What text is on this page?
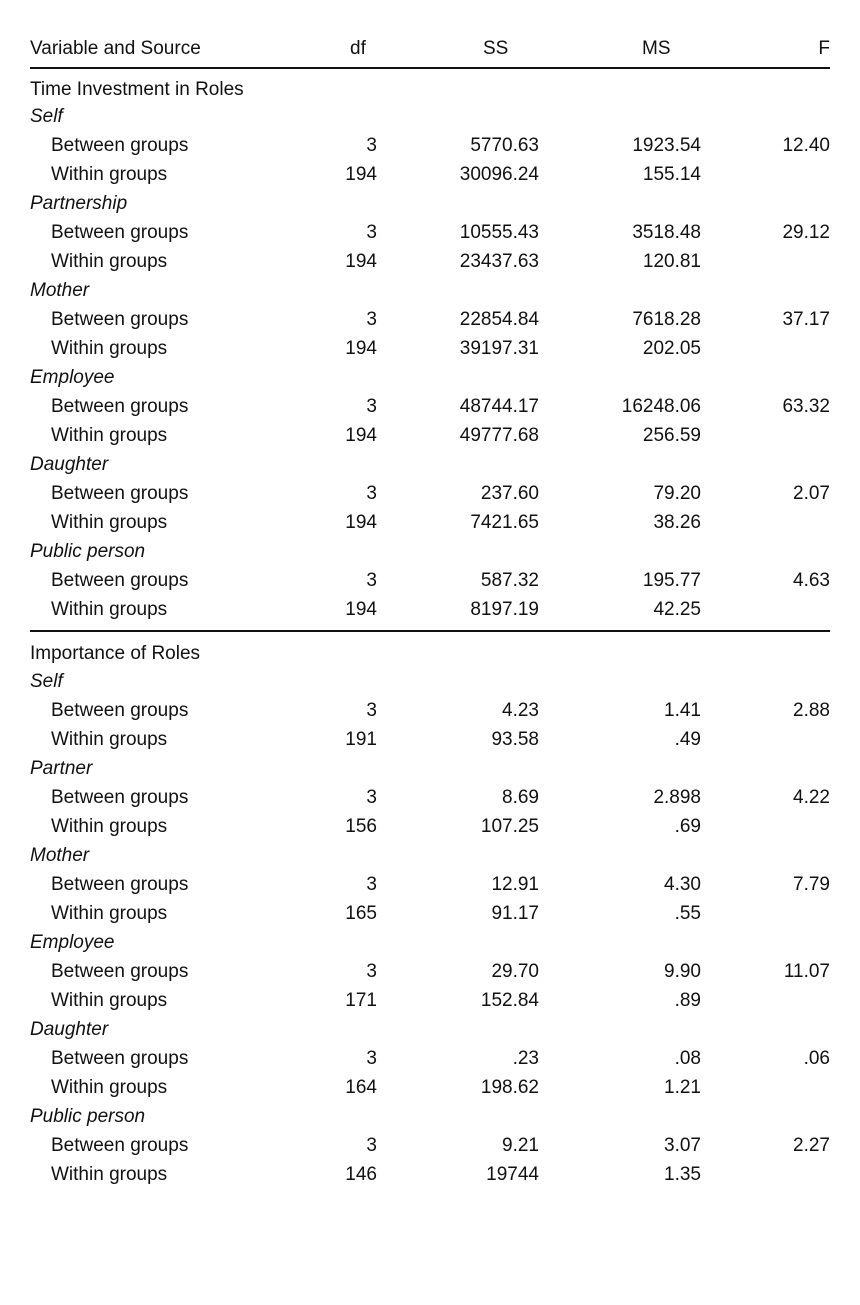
Variable and Source	df	SS	MS	F
Time Investment in Roles
Self
Between groups	3	5770.63	1923.54	12.40
Within groups	194	30096.24	155.14
Partnership
Between groups	3	10555.43	3518.48	29.12
Within groups	194	23437.63	120.81
Mother
Between groups	3	22854.84	7618.28	37.17
Within groups	194	39197.31	202.05
Employee
Between groups	3	48744.17	16248.06	63.32
Within groups	194	49777.68	256.59
Daughter
Between groups	3	237.60	79.20	2.07
Within groups	194	7421.65	38.26
Public person
Between groups	3	587.32	195.77	4.63
Within groups	194	8197.19	42.25
Importance of Roles
Self
Between groups	3	4.23	1.41	2.88
Within groups	191	93.58	.49
Partner
Between groups	3	8.69	2.898	4.22
Within groups	156	107.25	.69
Mother
Between groups	3	12.91	4.30	7.79
Within groups	165	91.17	.55
Employee
Between groups	3	29.70	9.90	11.07
Within groups	171	152.84	.89
Daughter
Between groups	3	.23	.08	.06
Within groups	164	198.62	1.21
Public person
Between groups	3	9.21	3.07	2.27
Within groups	146	19744	1.35
